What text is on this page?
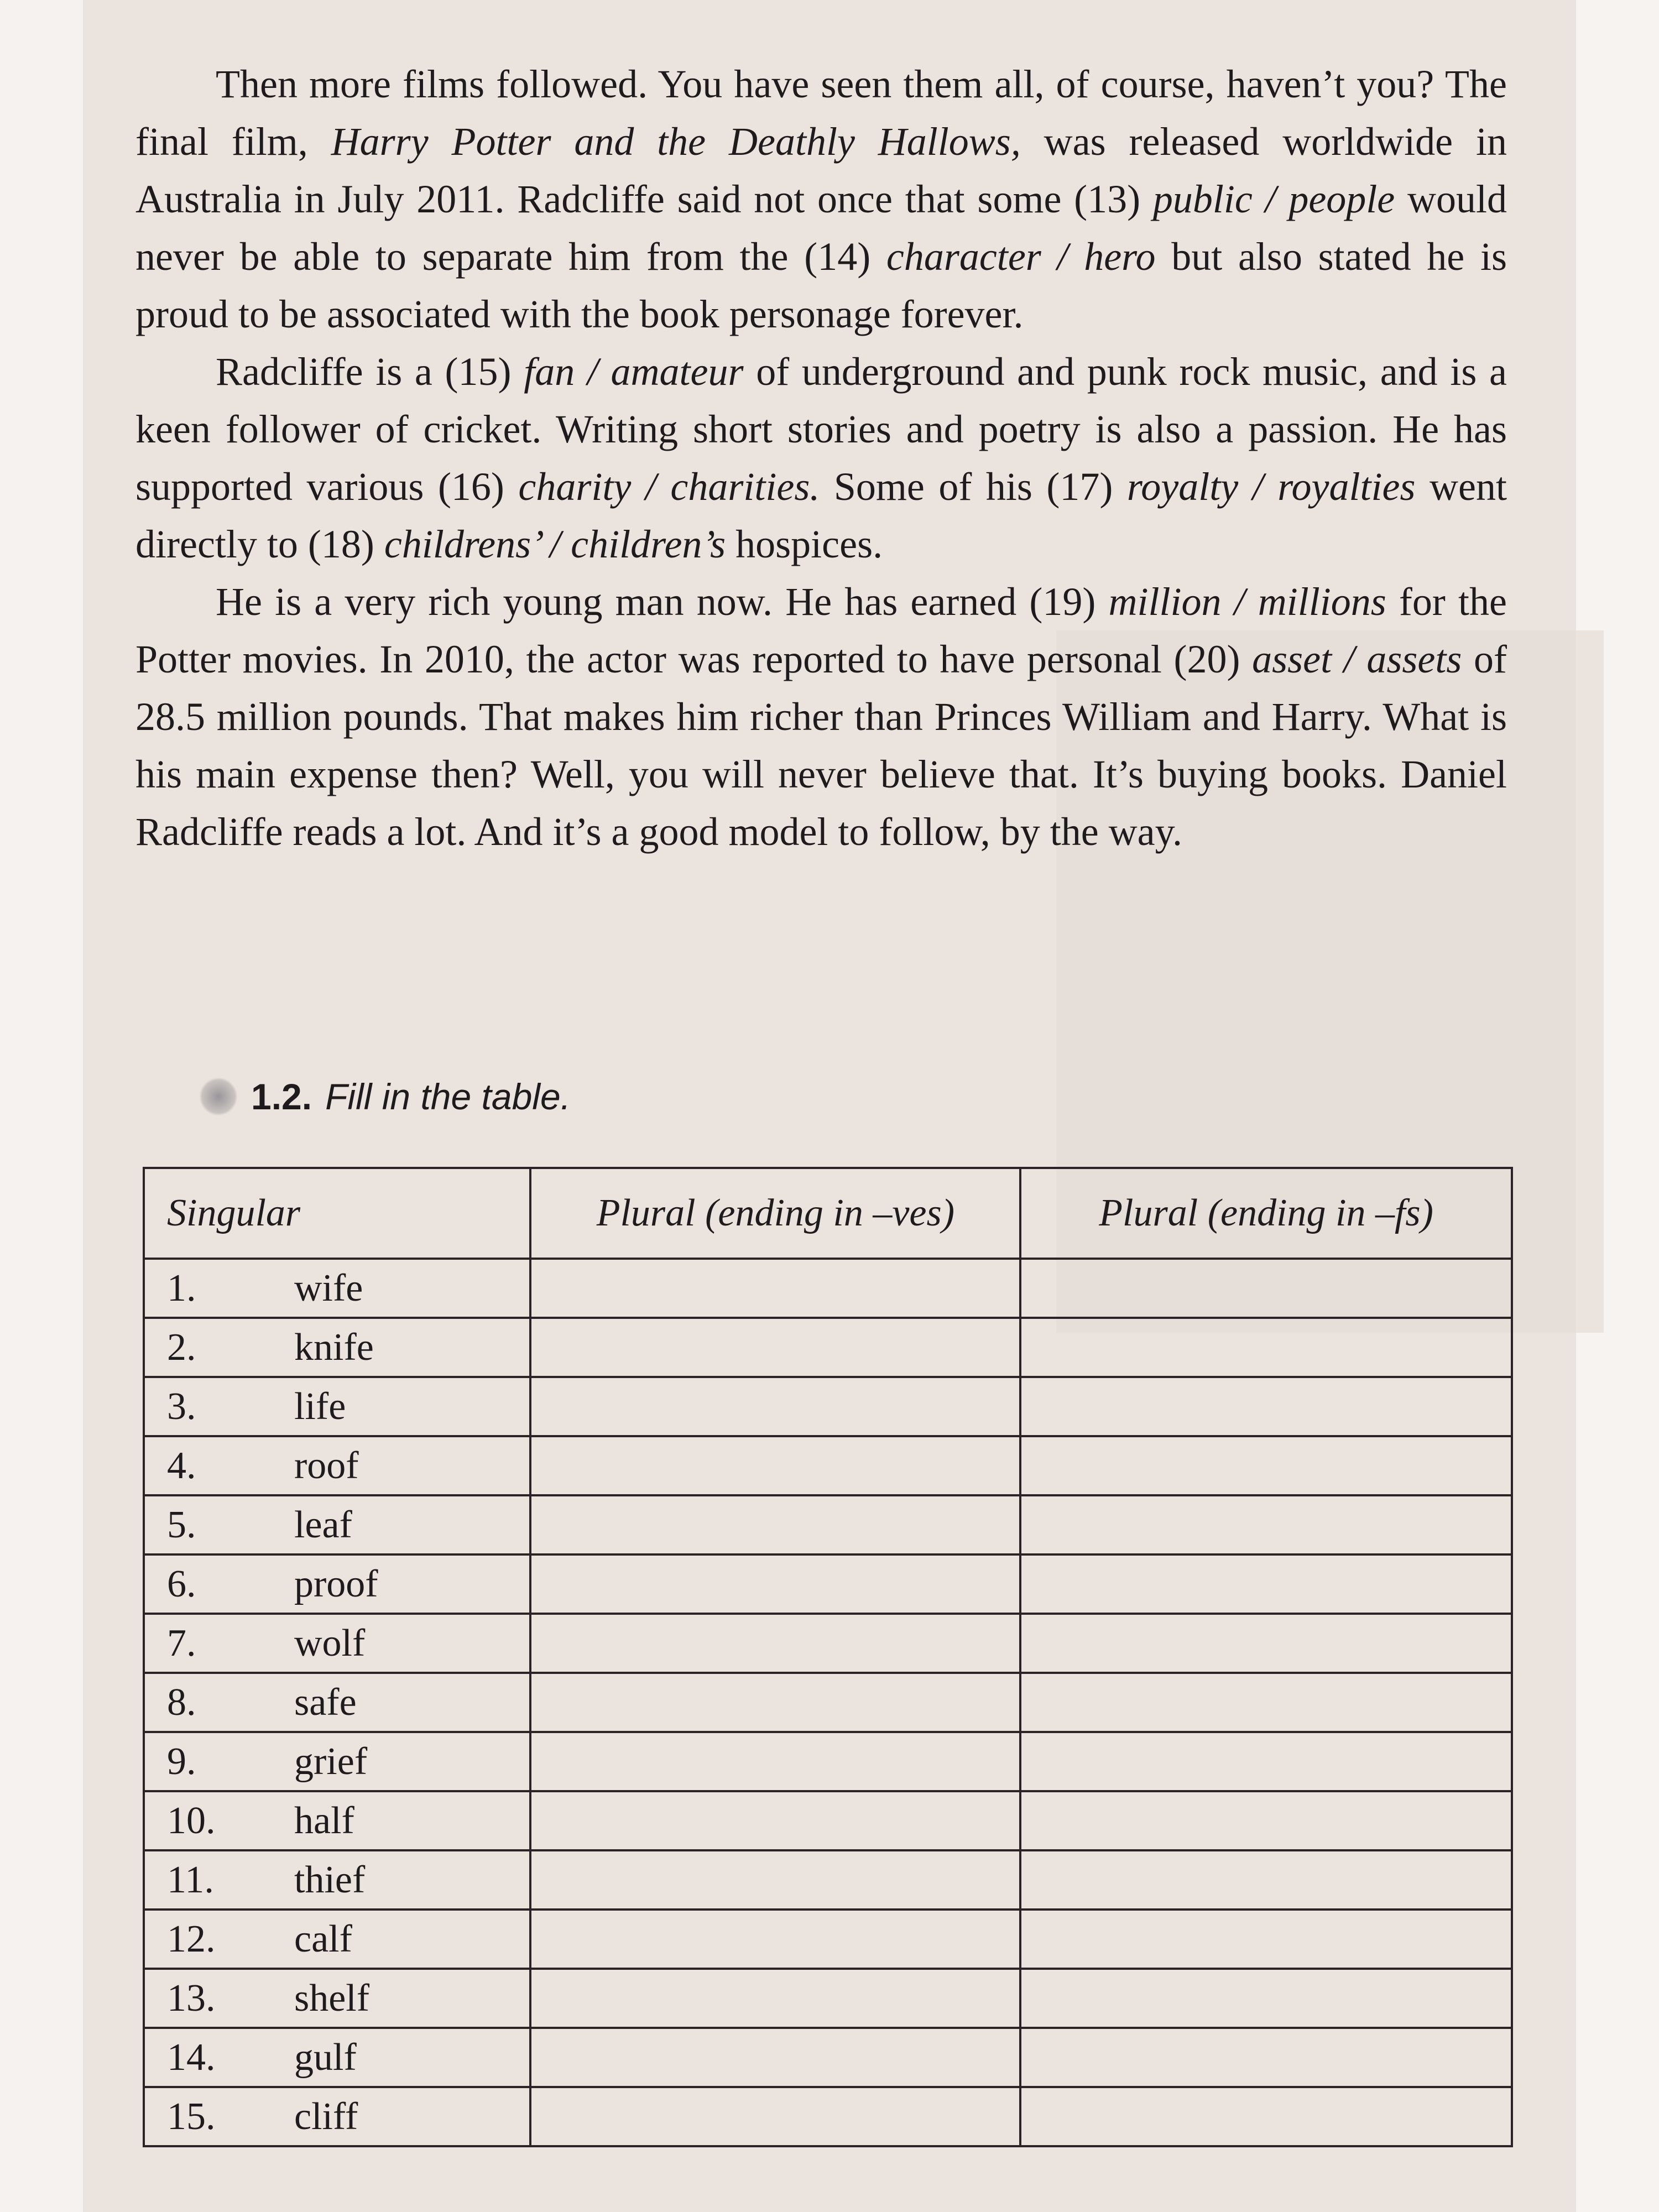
Then more films followed. You have seen them all, of course, haven’t you? The final film, Harry Potter and the Deathly Hallows, was released worldwide in Australia in July 2011. Radcliffe said not once that some (13) public / people would never be able to separate him from the (14) character / hero but also stated he is proud to be associated with the book personage forever.

Radcliffe is a (15) fan / amateur of underground and punk rock music, and is a keen follower of cricket. Writing short stories and poetry is also a passion. He has supported various (16) charity / charities. Some of his (17) royalty / royalties went directly to (18) childrens’ / children’s hospices.

He is a very rich young man now. He has earned (19) million / millions for the Potter movies. In 2010, the actor was reported to have personal (20) asset / assets of 28.5 million pounds. That makes him richer than Princes William and Harry. What is his main expense then? Well, you will never believe that. It’s buying books. Daniel Radcliffe reads a lot. And it’s a good model to follow, by the way.

1.2. Fill in the table.
Singular	Plural (ending in –ves)	Plural (ending in –fs)

1. wife		

2. knife		

3. life		

4. roof		

5. leaf		

6. proof		

7. wolf		

8. safe		

9. grief		

10. half		

11. thief		

12. calf		

13. shelf		

14. gulf		

15. cliff		
